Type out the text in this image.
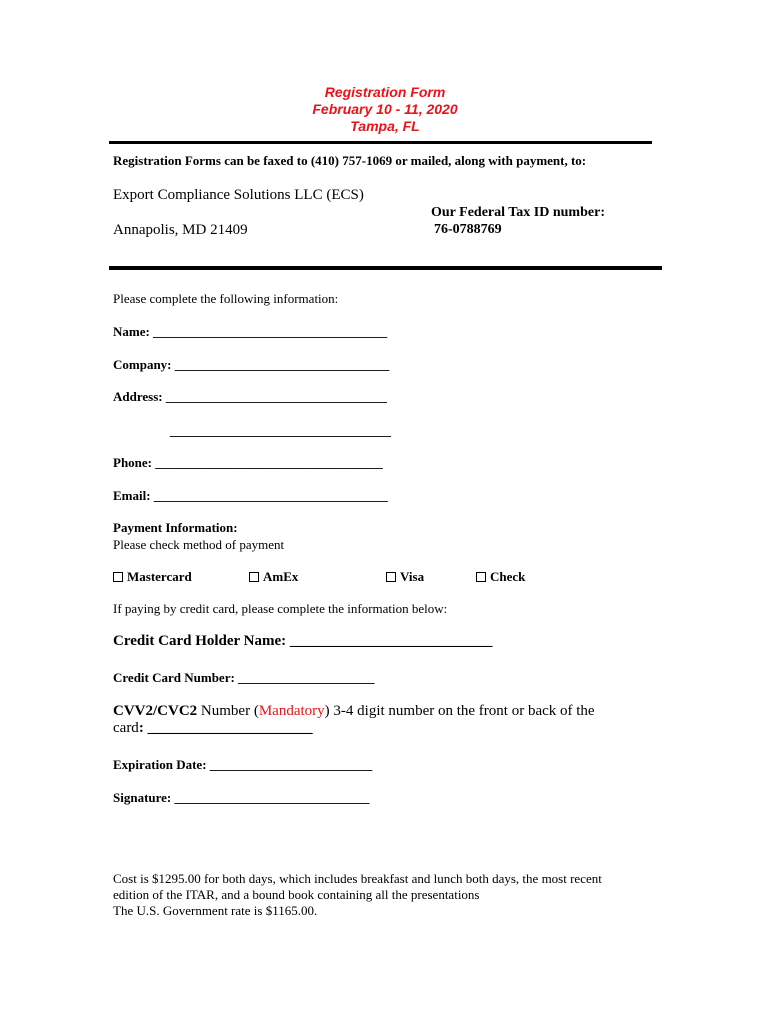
Registration Form
February 10 - 11, 2020
Tampa, FL
Registration Forms can be faxed to (410) 757-1069 or mailed, along with payment, to:
Export Compliance Solutions LLC (ECS)
Our Federal Tax ID number:
Annapolis, MD 21409	76-0788769
Please complete the following information:
Name: ____________________________________
Company: _________________________________
Address: __________________________________
__________________________________
Phone: ___________________________________
Email: ____________________________________
Payment Information:
Please check method of payment
Mastercard	AmEx	Visa	Check
If paying by credit card, please complete the information below:
Credit Card Holder Name: ___________________________
Credit Card Number: _____________________
CVV2/CVC2 Number (Mandatory) 3-4 digit number on the front or back of the
card: ______________________
Expiration Date: _________________________
Signature: ______________________________
Cost is $1295.00 for both days, which includes breakfast and lunch both days, the most recent
edition of the ITAR, and a bound book containing all the presentations
The U.S. Government rate is $1165.00.
